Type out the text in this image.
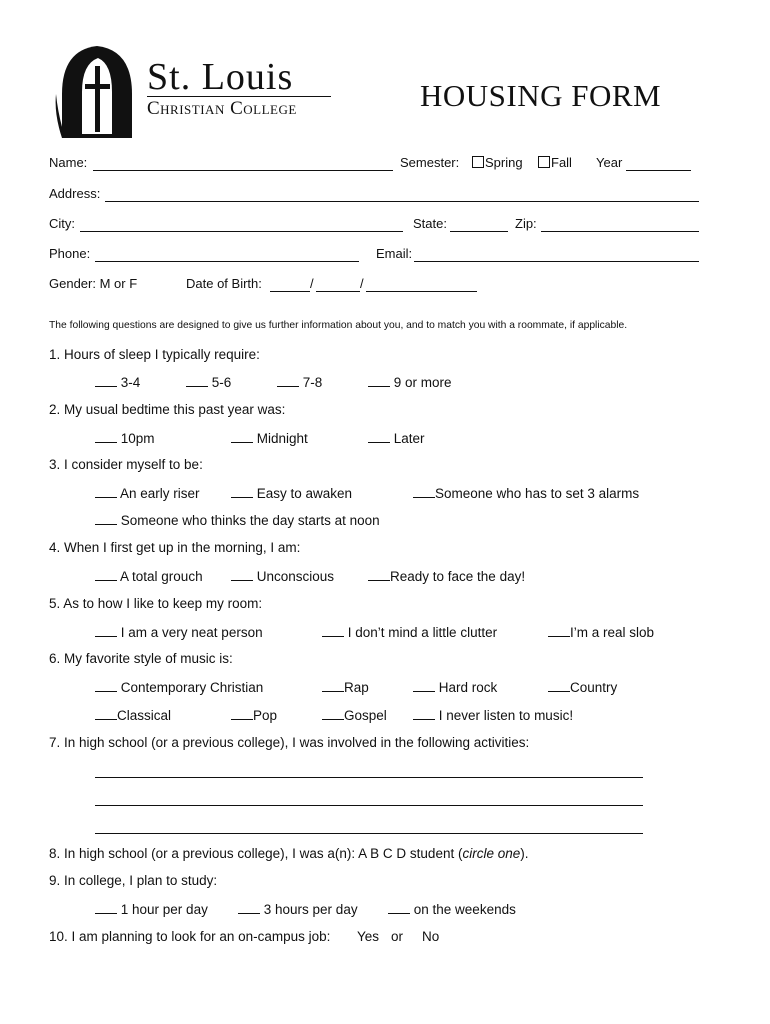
St. Louis
Christian College	HOUSING FORM
Name:	Semester:	Spring	Fall Year
Address:
City:	State:	Zip:
Phone:	Email:
Gender: M or F	Date of Birth:	/	/
The following questions are designed to give us further information about you, and to match you with a roommate, if applicable.
1. Hours of sleep I typically require:
3-4	5-6	7-8	9 or more
2. My usual bedtime this past year was:
10pm	Midnight	Later
3. I consider myself to be:
An early riser	Easy to awaken	Someone who has to set 3 alarms
Someone who thinks the day starts at noon
4. When I first get up in the morning, I am:
A total grouch	Unconscious	Ready to face the day!
5. As to how I like to keep my room:
I am a very neat person	I don’t mind a little clutter	I’m a real slob
6. My favorite style of music is:
Contemporary Christian	Rap	Hard rock	Country
Classical	Pop	Gospel	I never listen to music!
7. In high school (or a previous college), I was involved in the following activities:
8. In high school (or a previous college), I was a(n): A B C D student (circle one).
9. In college, I plan to study:
1 hour per day	3 hours per day	on the weekends
10. I am planning to look for an on-campus job: Yes or No
